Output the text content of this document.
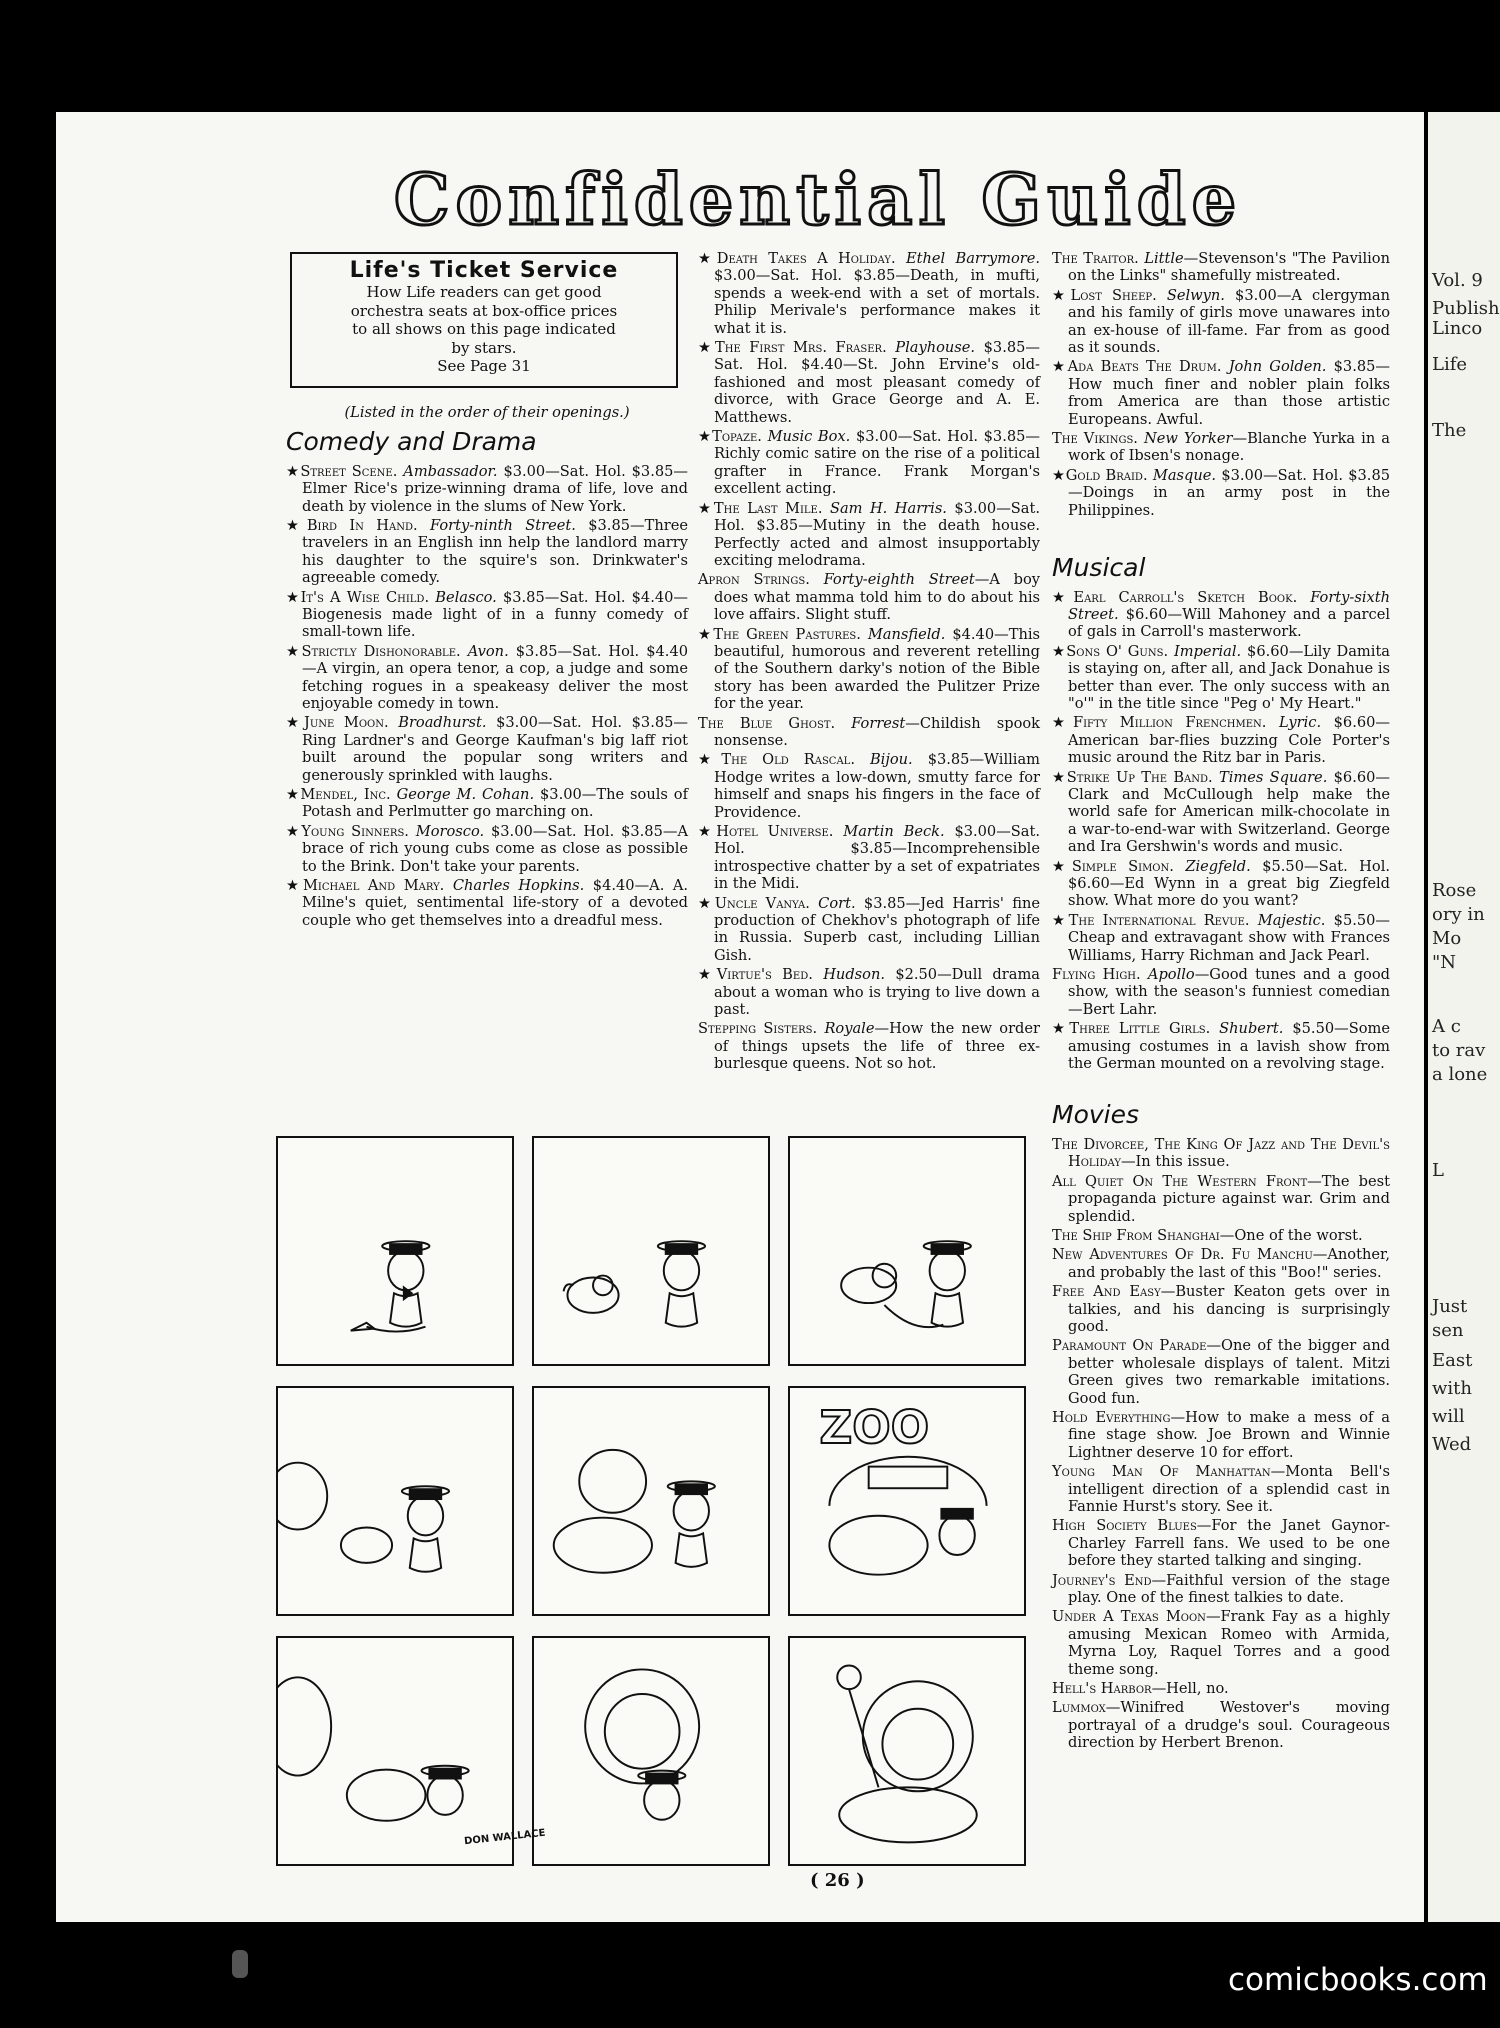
Vol. 9
Publish
Linco
Life
The
Rose
ory in
Mo
"N
A c
to rav
a lone
L
Just
sen
East
with
will
Wed
Confidential Guide
Life's Ticket Service

How Life readers can get good

orchestra seats at box-office prices

to all shows on this page indicated

by stars.

See Page 31

(Listed in the order of their openings.)

Comedy and Drama

★Street Scene. Ambassador. $3.00—Sat. Hol. $3.85—Elmer Rice's prize-winning drama of life, love and death by violence in the slums of New York.

★Bird In Hand. Forty-ninth Street. $3.85—Three travelers in an English inn help the landlord marry his daughter to the squire's son. Drinkwater's agreeable comedy.

★It's A Wise Child. Belasco. $3.85—Sat. Hol. $4.40—Biogenesis made light of in a funny comedy of small-town life.

★Strictly Dishonorable. Avon. $3.85—Sat. Hol. $4.40—A virgin, an opera tenor, a cop, a judge and some fetching rogues in a speakeasy deliver the most enjoyable comedy in town.

★June Moon. Broadhurst. $3.00—Sat. Hol. $3.85—Ring Lardner's and George Kaufman's big laff riot built around the popular song writers and generously sprinkled with laughs.

★Mendel, Inc. George M. Cohan. $3.00—The souls of Potash and Perlmutter go marching on.

★Young Sinners. Morosco. $3.00—Sat. Hol. $3.85—A brace of rich young cubs come as close as possible to the Brink. Don't take your parents.

★Michael And Mary. Charles Hopkins. $4.40—A. A. Milne's quiet, sentimental life-story of a devoted couple who get themselves into a dreadful mess.

★Death Takes A Holiday. Ethel Barrymore. $3.00—Sat. Hol. $3.85—Death, in mufti, spends a week-end with a set of mortals. Philip Merivale's performance makes it what it is.

★The First Mrs. Fraser. Playhouse. $3.85—Sat. Hol. $4.40—St. John Ervine's old-fashioned and most pleasant comedy of divorce, with Grace George and A. E. Matthews.

★Topaze. Music Box. $3.00—Sat. Hol. $3.85—Richly comic satire on the rise of a political grafter in France. Frank Morgan's excellent acting.

★The Last Mile. Sam H. Harris. $3.00—Sat. Hol. $3.85—Mutiny in the death house. Perfectly acted and almost insupportably exciting melodrama.

Apron Strings. Forty-eighth Street—A boy does what mamma told him to do about his love affairs. Slight stuff.

★The Green Pastures. Mansfield. $4.40—This beautiful, humorous and reverent retelling of the Southern darky's notion of the Bible story has been awarded the Pulitzer Prize for the year.

The Blue Ghost. Forrest—Childish spook nonsense.

★The Old Rascal. Bijou. $3.85—William Hodge writes a low-down, smutty farce for himself and snaps his fingers in the face of Providence.

★Hotel Universe. Martin Beck. $3.00—Sat. Hol. $3.85—Incomprehensible introspective chatter by a set of expatriates in the Midi.

★Uncle Vanya. Cort. $3.85—Jed Harris' fine production of Chekhov's photograph of life in Russia. Superb cast, including Lillian Gish.

★Virtue's Bed. Hudson. $2.50—Dull drama about a woman who is trying to live down a past.

Stepping Sisters. Royale—How the new order of things upsets the life of three ex-burlesque queens. Not so hot.

The Traitor. Little—Stevenson's "The Pavilion on the Links" shamefully mistreated.

★Lost Sheep. Selwyn. $3.00—A clergyman and his family of girls move unawares into an ex-house of ill-fame. Far from as good as it sounds.

★Ada Beats The Drum. John Golden. $3.85—How much finer and nobler plain folks from America are than those artistic Europeans. Awful.

The Vikings. New Yorker—Blanche Yurka in a work of Ibsen's nonage.

★Gold Braid. Masque. $3.00—Sat. Hol. $3.85—Doings in an army post in the Philippines.

Musical

★Earl Carroll's Sketch Book. Forty-sixth Street. $6.60—Will Mahoney and a parcel of gals in Carroll's masterwork.

★Sons O' Guns. Imperial. $6.60—Lily Damita is staying on, after all, and Jack Donahue is better than ever. The only success with an "o'" in the title since "Peg o' My Heart."

★Fifty Million Frenchmen. Lyric. $6.60—American bar-flies buzzing Cole Porter's music around the Ritz bar in Paris.

★Strike Up The Band. Times Square. $6.60—Clark and McCullough help make the world safe for American milk-chocolate in a war-to-end-war with Switzerland. George and Ira Gershwin's words and music.

★Simple Simon. Ziegfeld. $5.50—Sat. Hol. $6.60—Ed Wynn in a great big Ziegfeld show. What more do you want?

★The International Revue. Majestic. $5.50—Cheap and extravagant show with Frances Williams, Harry Richman and Jack Pearl.

Flying High. Apollo—Good tunes and a good show, with the season's funniest comedian—Bert Lahr.

★Three Little Girls. Shubert. $5.50—Some amusing costumes in a lavish show from the German mounted on a revolving stage.

Movies

The Divorcee, The King Of Jazz and The Devil's Holiday—In this issue.

All Quiet On The Western Front—The best propaganda picture against war. Grim and splendid.

The Ship From Shanghai—One of the worst.

New Adventures Of Dr. Fu Manchu—Another, and probably the last of this "Boo!" series.

Free And Easy—Buster Keaton gets over in talkies, and his dancing is surprisingly good.

Paramount On Parade—One of the bigger and better wholesale displays of talent. Mitzi Green gives two remarkable imitations. Good fun.

Hold Everything—How to make a mess of a fine stage show. Joe Brown and Winnie Lightner deserve 10 for effort.

Young Man Of Manhattan—Monta Bell's intelligent direction of a splendid cast in Fannie Hurst's story. See it.

High Society Blues—For the Janet Gaynor-Charley Farrell fans. We used to be one before they started talking and singing.

Journey's End—Faithful version of the stage play. One of the finest talkies to date.

Under A Texas Moon—Frank Fay as a highly amusing Mexican Romeo with Armida, Myrna Loy, Raquel Torres and a good theme song.

Hell's Harbor—Hell, no.

Lummox—Winifred Westover's moving portrayal of a drudge's soul. Courageous direction by Herbert Brenon.

ZOO
DON WALLACE
( 26 )
comicbooks.com
